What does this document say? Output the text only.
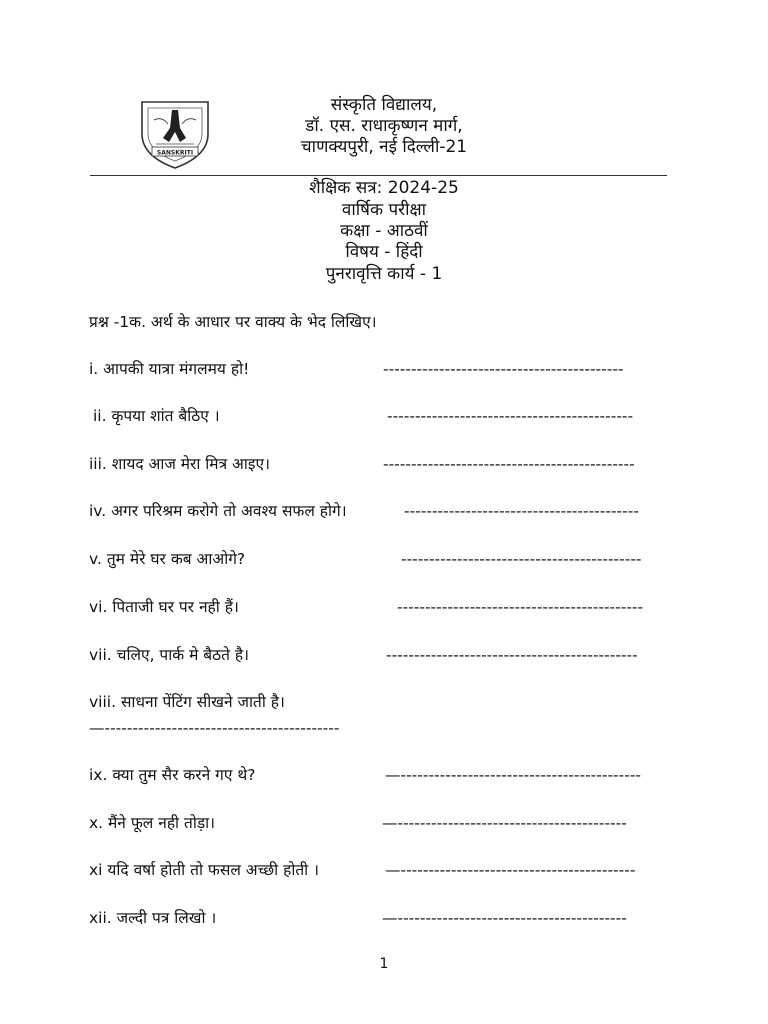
SANSKRITI
संस्कृति विद्यालय,
डॉ. एस. राधाकृष्णन मार्ग,
चाणक्यपुरी, नई दिल्ली-21
शैक्षिक सत्र: 2024-25
वार्षिक परीक्षा
कक्षा - आठवीं
विषय - हिंदी
पुनरावृत्ति कार्य - 1
प्रश्न -1क. अर्थ के आधार पर वाक्य के भेद लिखिए।
i. आपकी यात्रा मंगलमय हो!	-------------------------------------------
ii. कृपया शांत बैठिए ।	--------------------------------------------
iii. शायद आज मेरा मित्र आइए।	---------------------------------------------
iv. अगर परिश्रम करोगे तो अवश्य सफल होगे।	------------------------------------------
v. तुम मेरे घर कब आओगे?	-------------------------------------------
vi. पिताजी घर पर नही हैं।	--------------------------------------------
vii. चलिए, पार्क मे बैठते है।	---------------------------------------------
viii. साधना पेंटिंग सीखने जाती है।
—------------------------------------------
ix. क्या तुम सैर करने गए थे?	—-------------------------------------------
x. मैंने फूल नही तोड़ा।	—-----------------------------------------
xi यदि वर्षा होती तो फसल अच्छी होती ।	—------------------------------------------
xii. जल्दी पत्र लिखो ।	—-----------------------------------------
1
